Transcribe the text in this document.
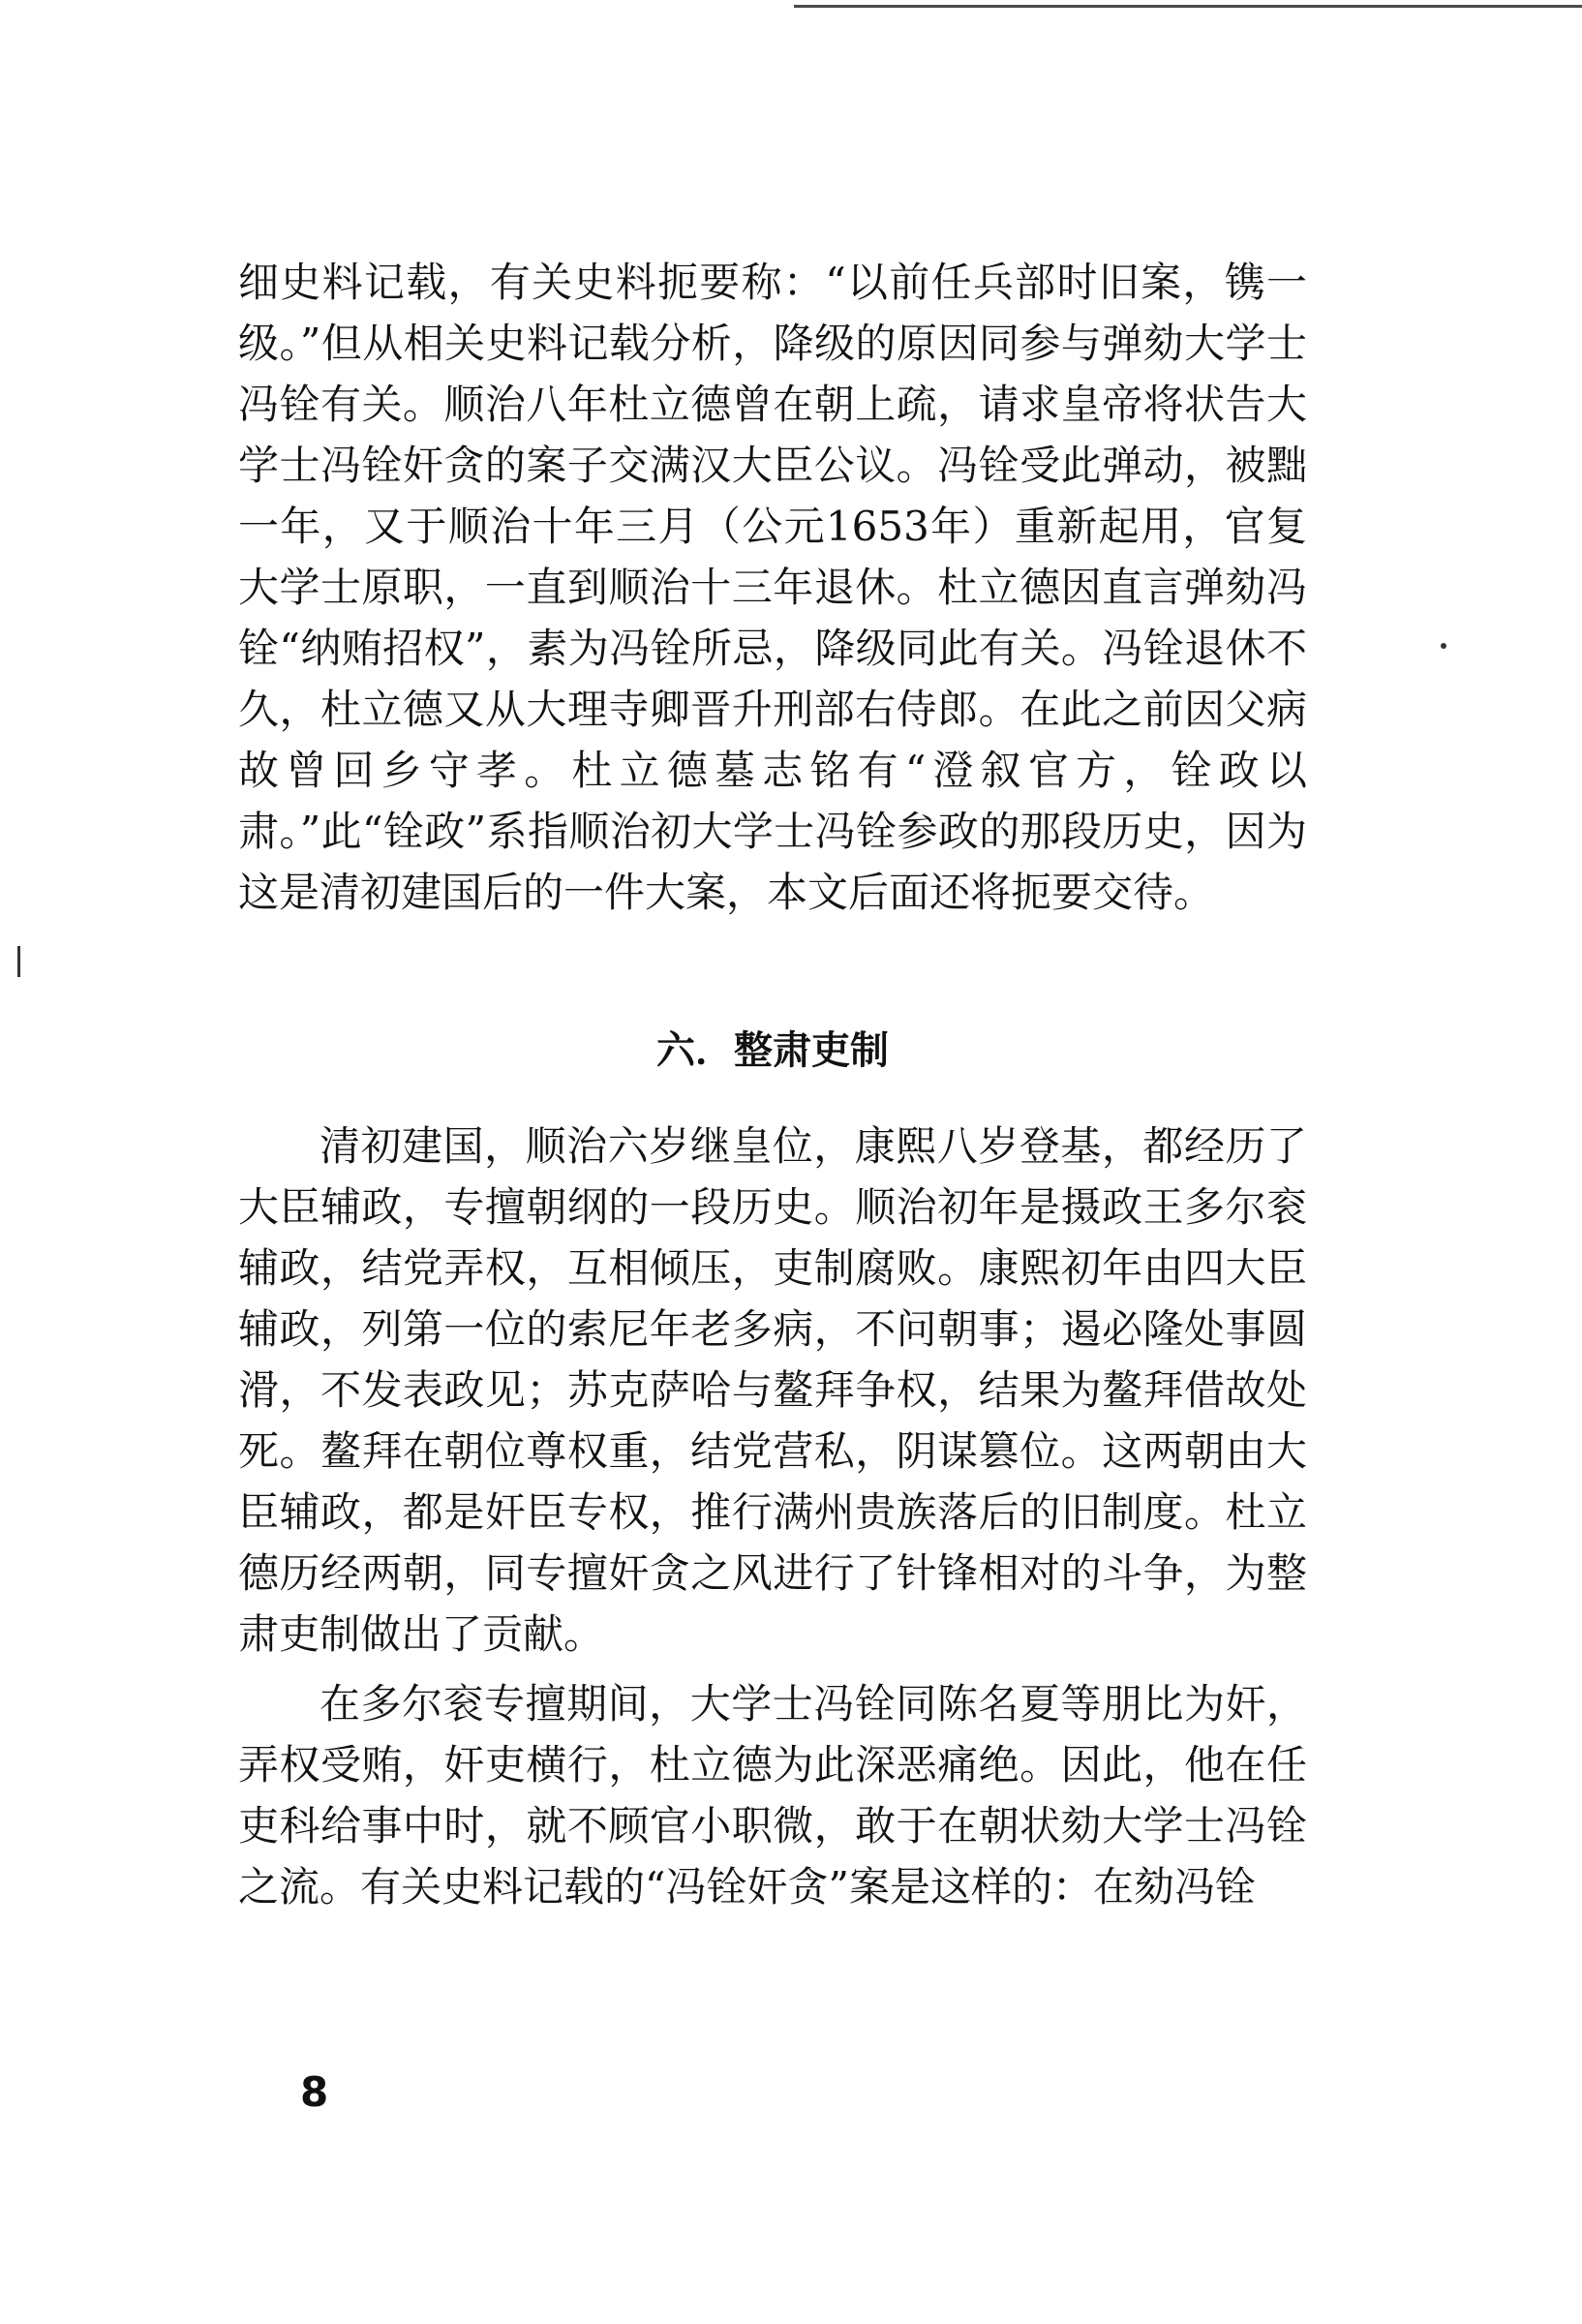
细史料记载，有关史料扼要称：“以前任兵部时旧案，镌一级。”但从相关史料记载分析，降级的原因同参与弹劾大学士冯铨有关。顺治八年杜立德曾在朝上疏，请求皇帝将状告大学士冯铨奸贪的案子交满汉大臣公议。冯铨受此弹动，被黜一年，又于顺治十年三月（公元1653年）重新起用，官复大学士原职，一直到顺治十三年退休。杜立德因直言弹劾冯铨“纳贿招权”，素为冯铨所忌，降级同此有关。冯铨退休不久，杜立德又从大理寺卿晋升刑部右侍郎。在此之前因父病故曾回乡守孝。杜立德墓志铭有“澄叙官方，铨政以肃。”此“铨政”系指顺治初大学士冯铨参政的那段历史，因为这是清初建国后的一件大案，本文后面还将扼要交待。

六．整肃吏制

清初建国，顺治六岁继皇位，康熙八岁登基，都经历了大臣辅政，专擅朝纲的一段历史。顺治初年是摄政王多尔衮辅政，结党弄权，互相倾压，吏制腐败。康熙初年由四大臣辅政，列第一位的索尼年老多病，不问朝事；遏必隆处事圆滑，不发表政见；苏克萨哈与鳌拜争权，结果为鳌拜借故处死。鳌拜在朝位尊权重，结党营私，阴谋篡位。这两朝由大臣辅政，都是奸臣专权，推行满州贵族落后的旧制度。杜立德历经两朝，同专擅奸贪之风进行了针锋相对的斗争，为整肃吏制做出了贡献。

在多尔衮专擅期间，大学士冯铨同陈名夏等朋比为奸，弄权受贿，奸吏横行，杜立德为此深恶痛绝。因此，他在任吏科给事中时，就不顾官小职微，敢于在朝状劾大学士冯铨之流。有关史料记载的“冯铨奸贪”案是这样的：在劾冯铨

8
